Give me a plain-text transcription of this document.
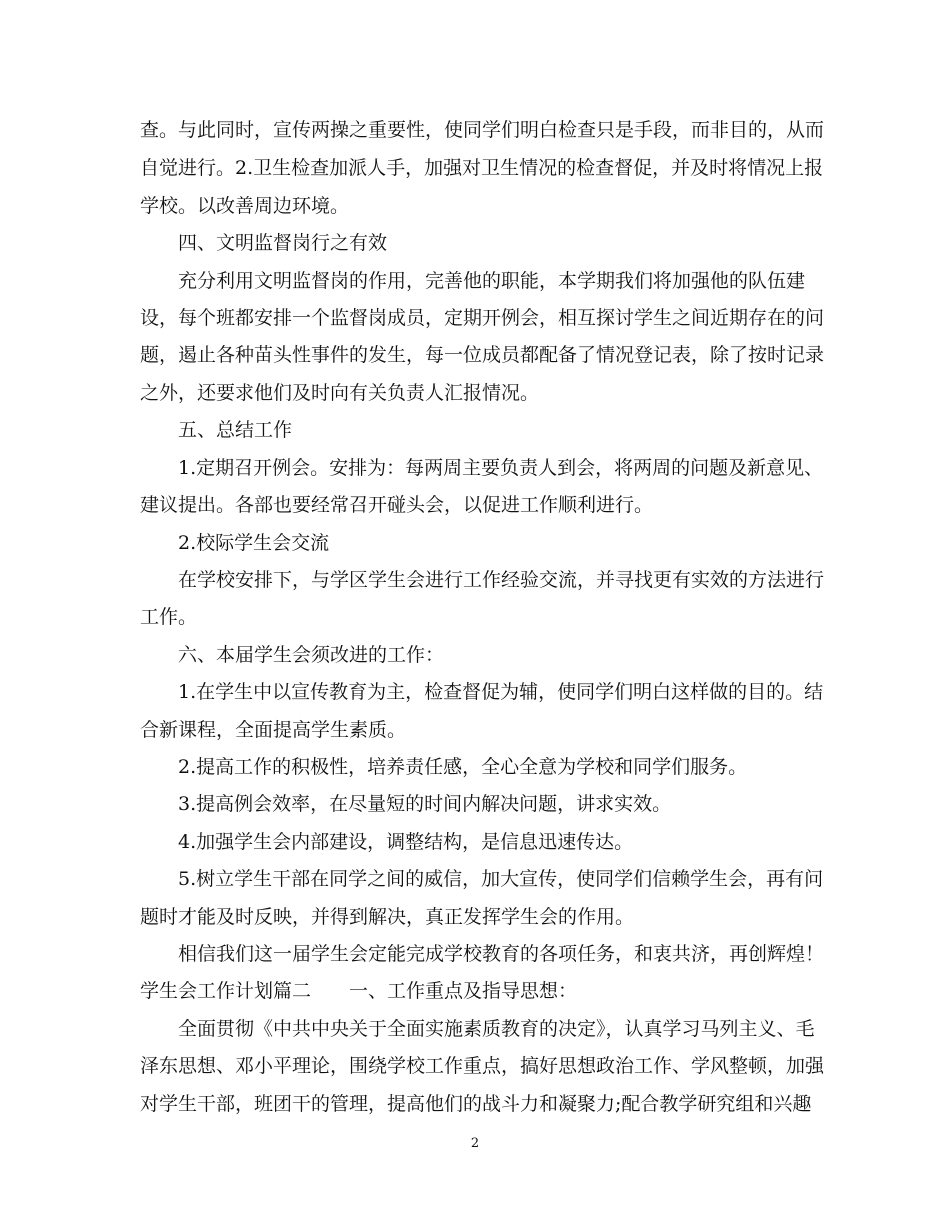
查。与此同时，宣传两操之重要性，使同学们明白检查只是手段，而非目的，从而
自觉进行。2.卫生检查加派人手，加强对卫生情况的检查督促，并及时将情况上报
学校。以改善周边环境。
四、文明监督岗行之有效
充分利用文明监督岗的作用，完善他的职能，本学期我们将加强他的队伍建
设，每个班都安排一个监督岗成员，定期开例会，相互探讨学生之间近期存在的问
题，遏止各种苗头性事件的发生，每一位成员都配备了情况登记表，除了按时记录
之外，还要求他们及时向有关负责人汇报情况。
五、总结工作
1.定期召开例会。安排为：每两周主要负责人到会，将两周的问题及新意见、
建议提出。各部也要经常召开碰头会，以促进工作顺利进行。
2.校际学生会交流
在学校安排下，与学区学生会进行工作经验交流，并寻找更有实效的方法进行
工作。
六、本届学生会须改进的工作：
1.在学生中以宣传教育为主，检查督促为辅，使同学们明白这样做的目的。结
合新课程，全面提高学生素质。
2.提高工作的积极性，培养责任感，全心全意为学校和同学们服务。
3.提高例会效率，在尽量短的时间内解决问题，讲求实效。
4.加强学生会内部建设，调整结构，是信息迅速传达。
5.树立学生干部在同学之间的威信，加大宣传，使同学们信赖学生会，再有问
题时才能及时反映，并得到解决，真正发挥学生会的作用。
相信我们这一届学生会定能完成学校教育的各项任务，和衷共济，再创辉煌！
学生会工作计划篇二　　一、工作重点及指导思想：
全面贯彻《中共中央关于全面实施素质教育的决定》，认真学习马列主义、毛
泽东思想、邓小平理论，围绕学校工作重点，搞好思想政治工作、学风整顿，加强
对学生干部，班团干的管理，提高他们的战斗力和凝聚力;配合教学研究组和兴趣
2
